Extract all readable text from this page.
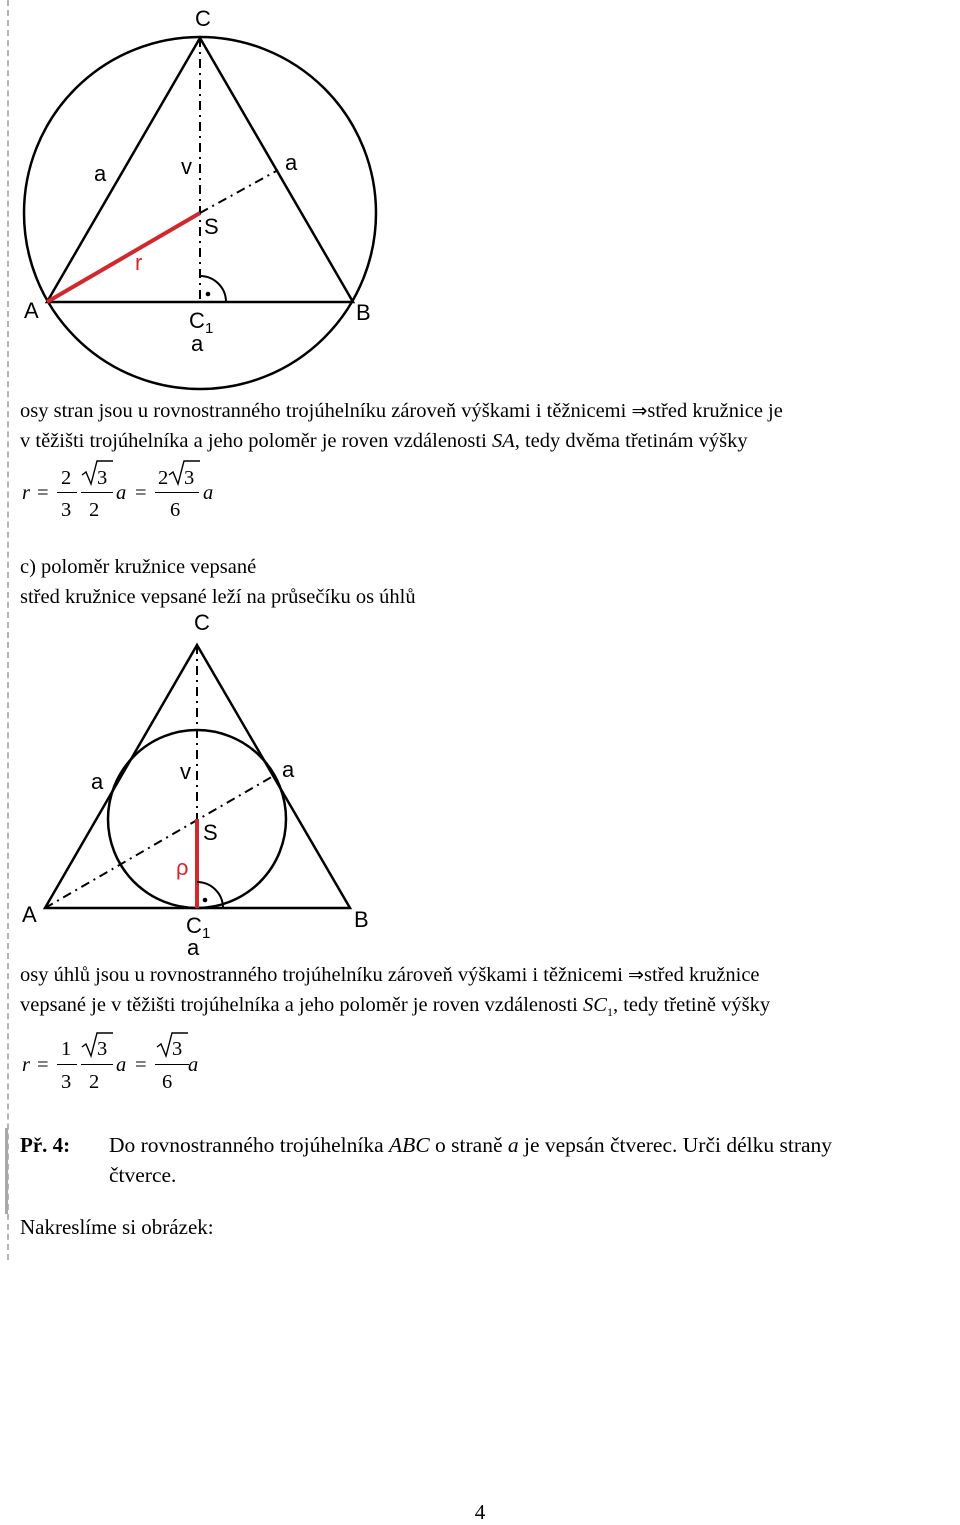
C
A	B
S
C 1
v
a	a
a
r

osy stran jsou u rovnostranného trojúhelníku zároveň výškami i těžnicemi ⇒střed kružnice je
v těžišti trojúhelníka a jeho poloměr je roven vzdálenosti SA, tedy dvěma třetinám výšky

r =
2
3
3
2
a =
2 3
6
a

c) poloměr kružnice vepsané
střed kružnice vepsané leží na průsečíku os úhlů

C
A	B
S
C 1
v
a	a
a
ρ

osy úhlů jsou u rovnostranného trojúhelníku zároveň výškami i těžnicemi ⇒střed kružnice
vepsané je v těžišti trojúhelníka a jeho poloměr je roven vzdálenosti $SC_1$, tedy třetině výšky

r =
1
3
3
2
a =
3
6
a
Př. 4: Do rovnostranného trojúhelníka ABC o straně a je vepsán čtverec. Urči délku strany
čtverce.

Nakreslíme si obrázek:

4
